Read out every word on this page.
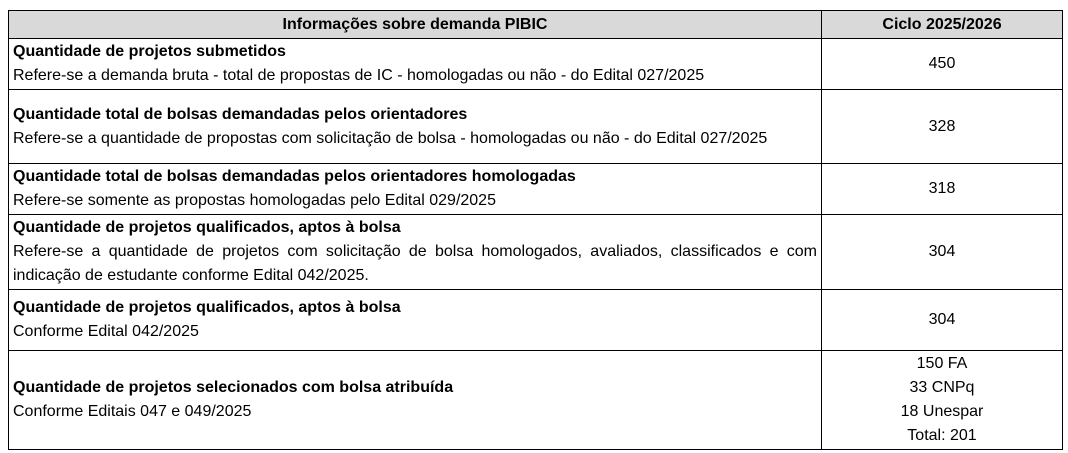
Informações sobre demanda PIBIC	Ciclo 2025/2026

Quantidade de projetos submetidos
Refere-se a demanda bruta - total de propostas de IC - homologadas ou não - do Edital 027/2025	450

Quantidade total de bolsas demandadas pelos orientadores
Refere-se a quantidade de propostas com solicitação de bolsa - homologadas ou não - do Edital 027/2025	328

Quantidade total de bolsas demandadas pelos orientadores homologadas
Refere-se somente as propostas homologadas pelo Edital 029/2025	318

Quantidade de projetos qualificados, aptos à bolsa
Refere-se a quantidade de projetos com solicitação de bolsa homologados, avaliados, classificados e com indicação de estudante conforme Edital 042/2025.	304

Quantidade de projetos qualificados, aptos à bolsa
Conforme Edital 042/2025	304

Quantidade de projetos selecionados com bolsa atribuída
Conforme Editais 047 e 049/2025	150 FA
33 CNPq
18 Unespar
Total: 201
